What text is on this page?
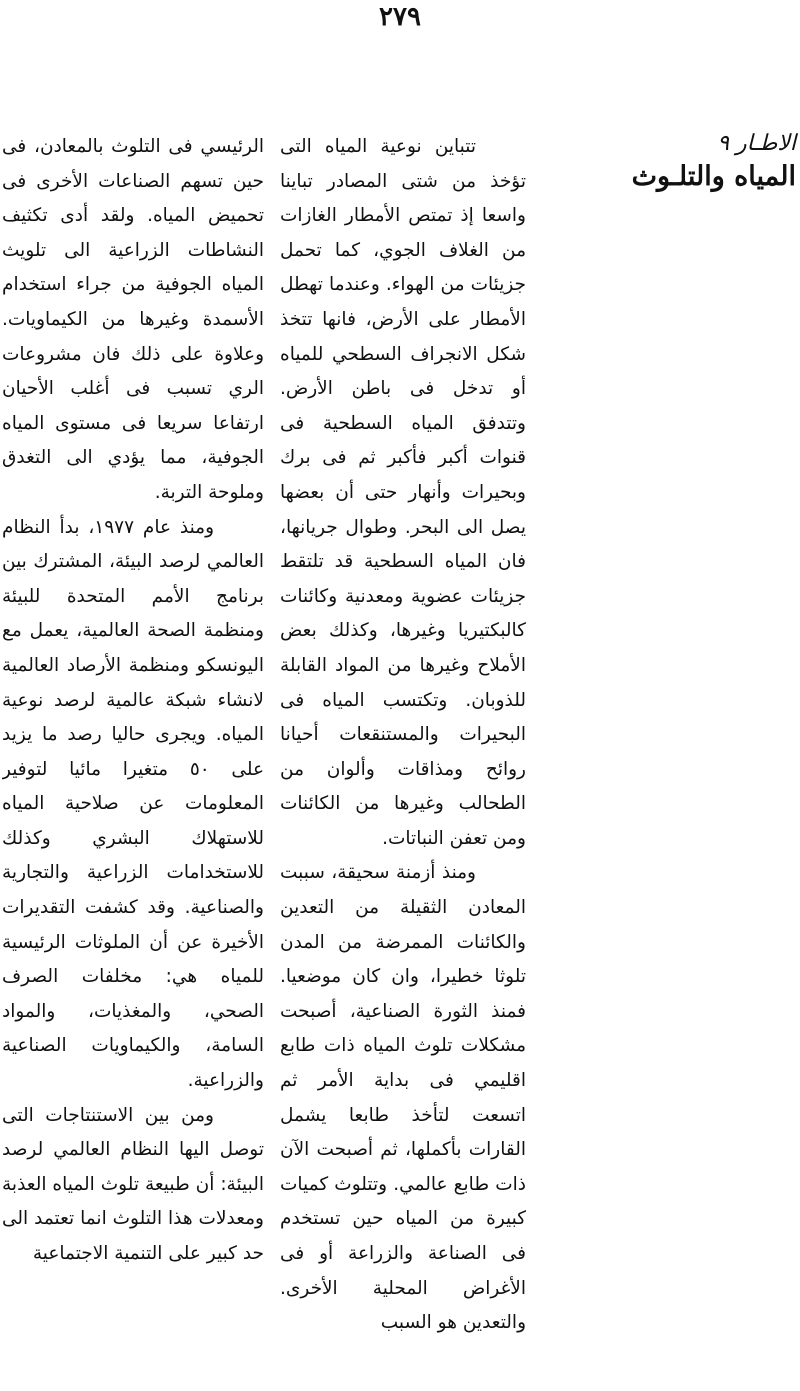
٢٧٩
الاطـار ٩
المياه والتلـوث

تتباين نوعية المياه التى تؤخذ من شتى المصادر تباينا واسعا إذ تمتص الأمطار الغازات من الغلاف الجوي، كما تحمل جزيئات من الهواء. وعندما تهطل الأمطار على الأرض، فانها تتخذ شكل الانجراف السطحي للمياه أو تدخل فى باطن الأرض. وتتدفق المياه السطحية فى قنوات أكبر فأكبر ثم فى برك وبحيرات وأنهار حتى أن بعضها يصل الى البحر. وطوال جريانها، فان المياه السطحية قد تلتقط جزيئات عضوية ومعدنية وكائنات كالبكتيريا وغيرها، وكذلك بعض الأملاح وغيرها من المواد القابلة للذوبان. وتكتسب المياه فى البحيرات والمستنقعات أحيانا روائح ومذاقات وألوان من الطحالب وغيرها من الكائنات ومن تعفن النباتات.

ومنذ أزمنة سحيقة، سببت المعادن الثقيلة من التعدين والكائنات الممرضة من المدن تلوثا خطيرا، وان كان موضعيا. فمنذ الثورة الصناعية، أصبحت مشكلات تلوث المياه ذات طابع اقليمي فى بداية الأمر ثم اتسعت لتأخذ طابعا يشمل القارات بأكملها، ثم أصبحت الآن ذات طابع عالمي. وتتلوث كميات كبيرة من المياه حين تستخدم فى الصناعة والزراعة أو فى الأغراض المحلية الأخرى. والتعدين هو السبب

الرئيسي فى التلوث بالمعادن، فى حين تسهم الصناعات الأخرى فى تحميض المياه. ولقد أدى تكثيف النشاطات الزراعية الى تلويث المياه الجوفية من جراء استخدام الأسمدة وغيرها من الكيماويات. وعلاوة على ذلك فان مشروعات الري تسبب فى أغلب الأحيان ارتفاعا سريعا فى مستوى المياه الجوفية، مما يؤدي الى التغدق وملوحة التربة.

ومنذ عام ١٩٧٧، بدأ النظام العالمي لرصد البيئة، المشترك بين برنامج الأمم المتحدة للبيئة ومنظمة الصحة العالمية، يعمل مع اليونسكو ومنظمة الأرصاد العالمية لانشاء شبكة عالمية لرصد نوعية المياه. ويجرى حاليا رصد ما يزيد على ٥٠ متغيرا مائيا لتوفير المعلومات عن صلاحية المياه للاستهلاك البشري وكذلك للاستخدامات الزراعية والتجارية والصناعية. وقد كشفت التقديرات الأخيرة عن أن الملوثات الرئيسية للمياه هي: مخلفات الصرف الصحي، والمغذيات، والمواد السامة، والكيماويات الصناعية والزراعية.

ومن بين الاستنتاجات التى توصل اليها النظام العالمي لرصد البيئة: أن طبيعة تلوث المياه العذبة ومعدلات هذا التلوث انما تعتمد الى حد كبير على التنمية الاجتماعية
